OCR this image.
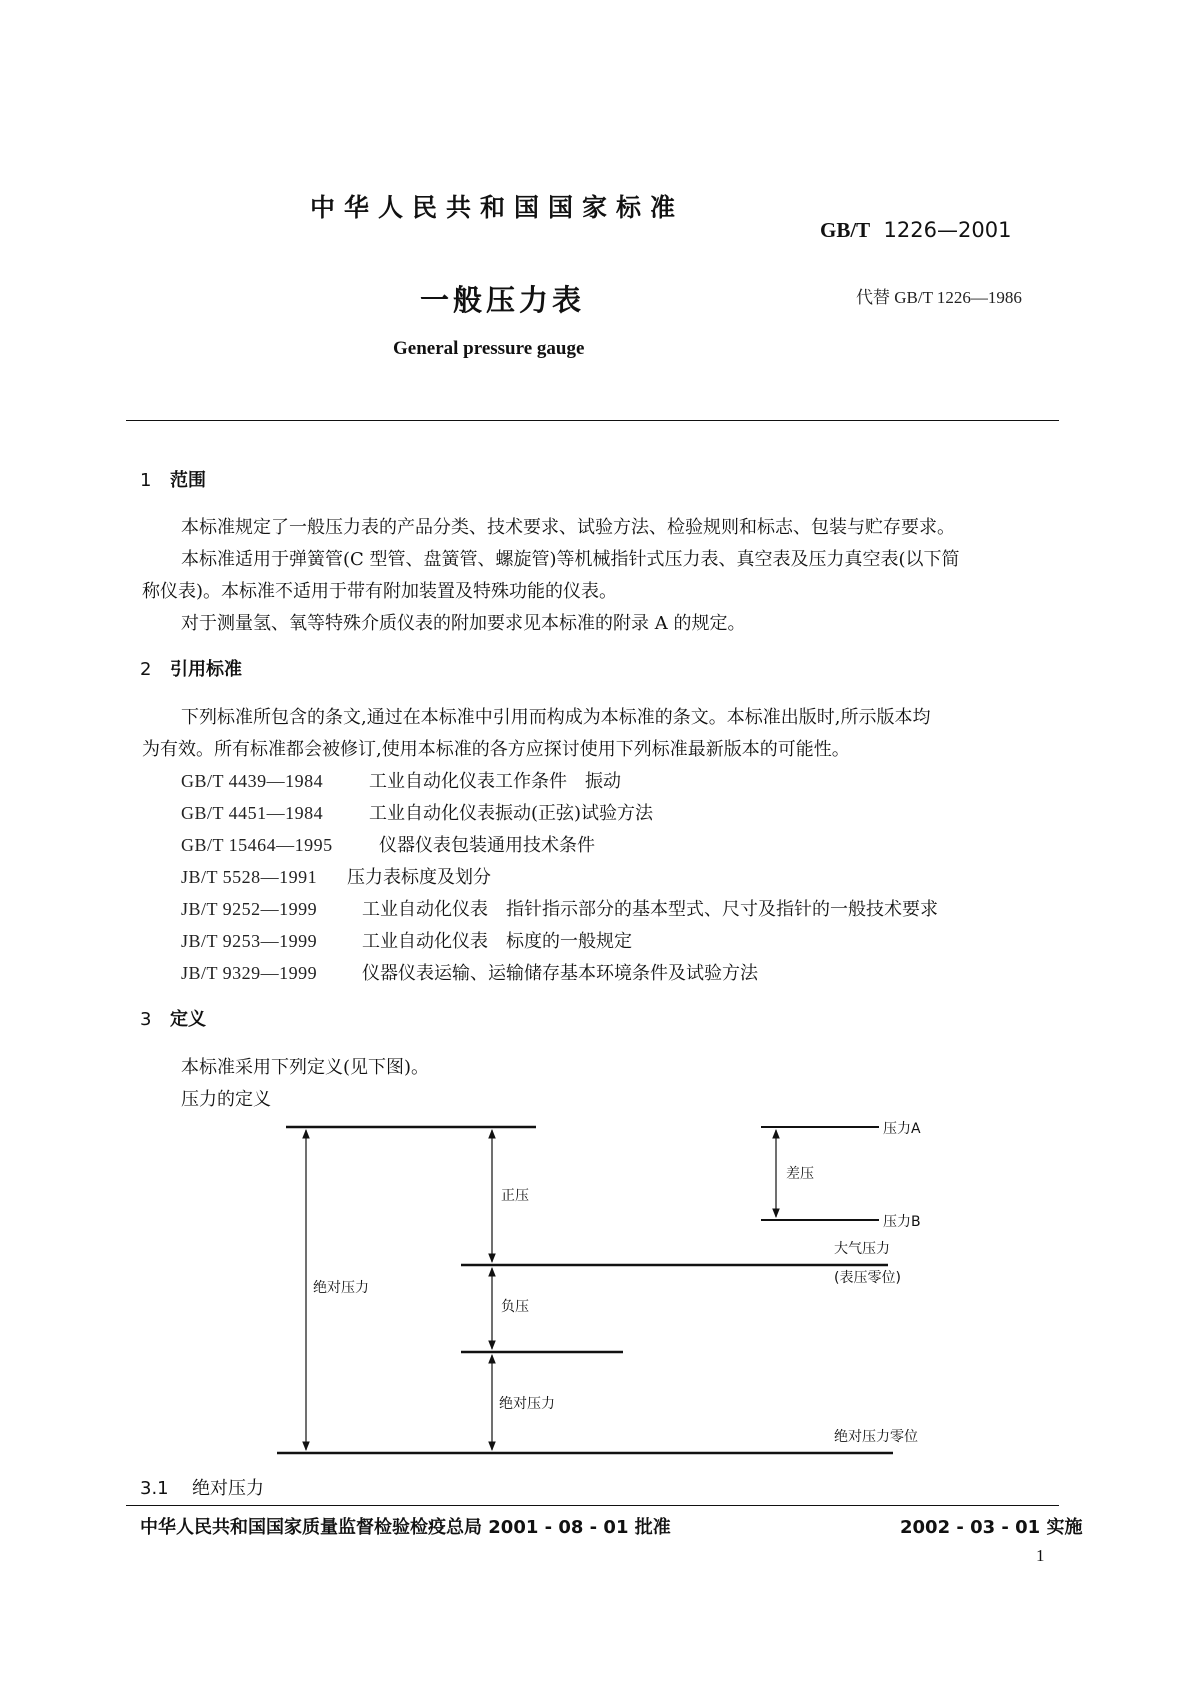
中华人民共和国国家标准
GB/T 1226—2001
一般压力表	代替 GB/T 1226—1986
General pressure gauge
1 范围
本标准规定了一般压力表的产品分类、技术要求、试验方法、检验规则和标志、包装与贮存要求。
本标准适用于弹簧管(C 型管、盘簧管、螺旋管)等机械指针式压力表、真空表及压力真空表(以下简
称仪表)。本标准不适用于带有附加装置及特殊功能的仪表。
对于测量氢、氧等特殊介质仪表的附加要求见本标准的附录 A 的规定。
2 引用标准
下列标准所包含的条文,通过在本标准中引用而构成为本标准的条文。本标准出版时,所示版本均
为有效。所有标准都会被修订,使用本标准的各方应探讨使用下列标准最新版本的可能性。
GB/T 4439—1984	工业自动化仪表工作条件　振动
GB/T 4451—1984	工业自动化仪表振动(正弦)试验方法
GB/T 15464—1995	仪器仪表包装通用技术条件
JB/T 5528—1991 压力表标度及划分
JB/T 9252—1999 工业自动化仪表　指针指示部分的基本型式、尺寸及指针的一般技术要求
JB/T 9253—1999 工业自动化仪表　标度的一般规定
JB/T 9329—1999 仪器仪表运输、运输储存基本环境条件及试验方法
3 定义
本标准采用下列定义(见下图)。
压力的定义
绝对压力
正压
负压
绝对压力
压力A
差压
压力B
大气压力
(表压零位)
绝对压力零位
3.1 绝对压力
中华人民共和国国家质量监督检验检疫总局 2001 - 08 - 01 批准	2002 - 03 - 01 实施
1
